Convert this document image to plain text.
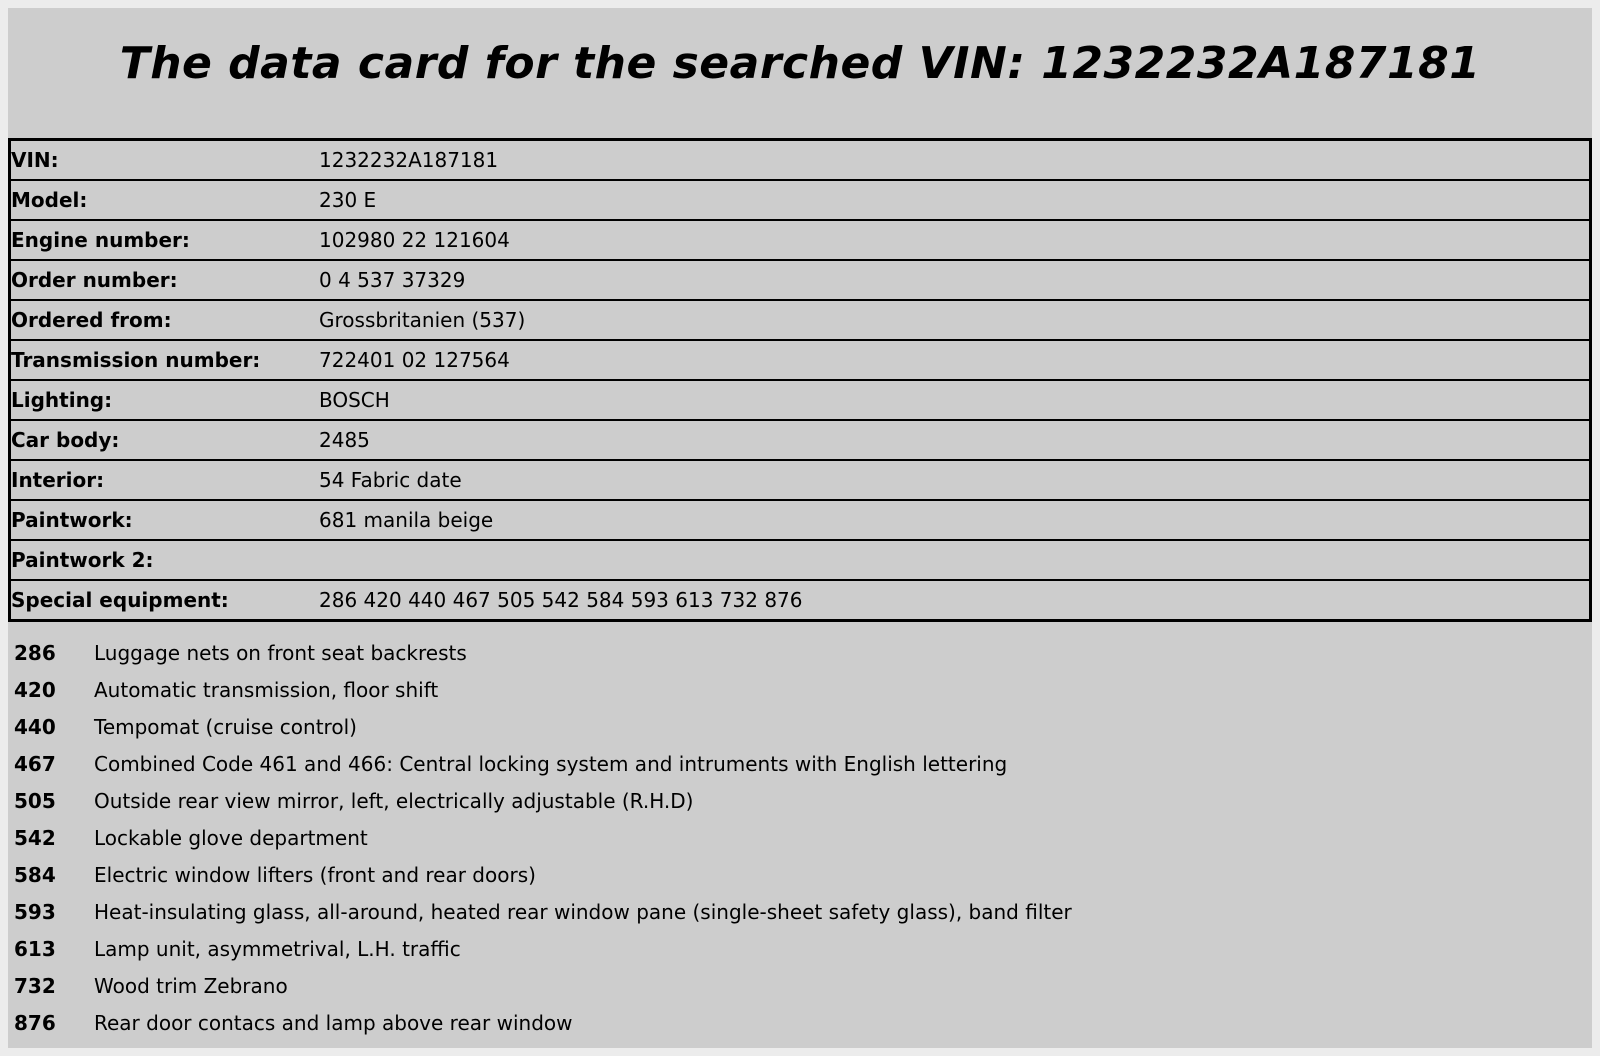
The data card for the searched VIN: 1232232A187181
VIN:	1232232A187181
Model:	230 E
Engine number:	102980 22 121604
Order number:	0 4 537 37329
Ordered from:	Grossbritanien (537)
Transmission number:	722401 02 127564
Lighting:	BOSCH
Car body:	2485
Interior:	54 Fabric date
Paintwork:	681 manila beige
Paintwork 2:	
Special equipment:	286 420 440 467 505 542 584 593 613 732 876
286	Luggage nets on front seat backrests
420	Automatic transmission, floor shift
440	Tempomat (cruise control)
467	Combined Code 461 and 466: Central locking system and intruments with English lettering
505	Outside rear view mirror, left, electrically adjustable (R.H.D)
542	Lockable glove department
584	Electric window lifters (front and rear doors)
593	Heat-insulating glass, all-around, heated rear window pane (single-sheet safety glass), band filter
613	Lamp unit, asymmetrival, L.H. traffic
732	Wood trim Zebrano
876	Rear door contacs and lamp above rear window
